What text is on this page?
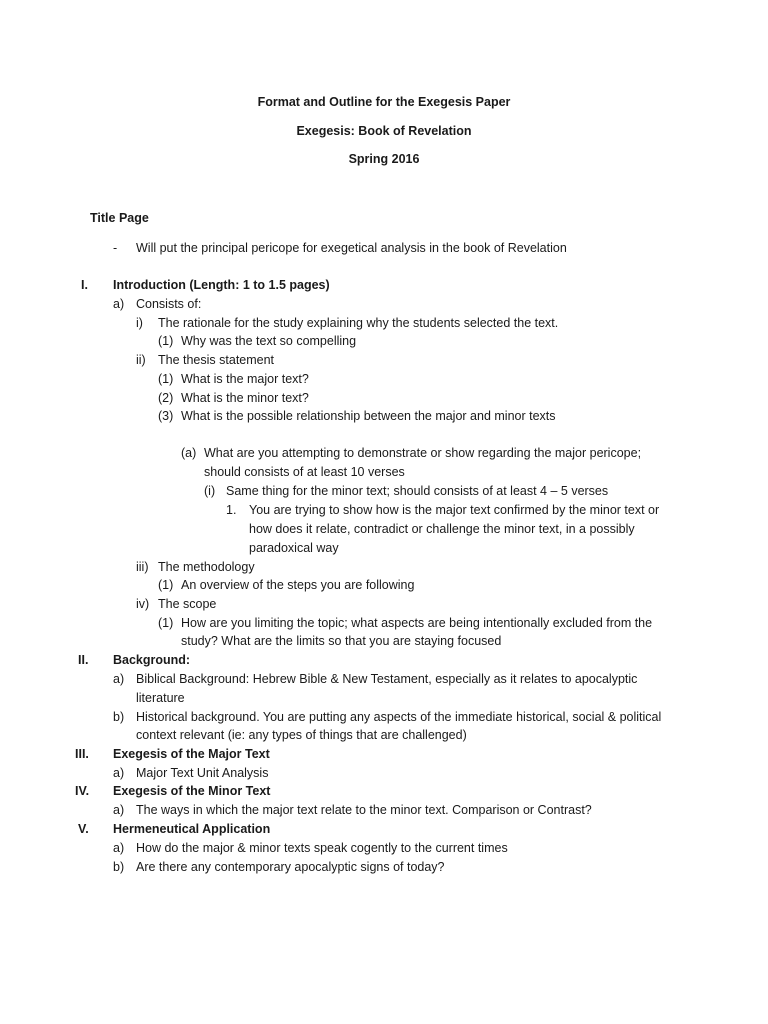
Format and Outline for the Exegesis Paper
Exegesis: Book of Revelation
Spring 2016
Title Page
- Will put the principal pericope for exegetical analysis in the book of Revelation
I. Introduction (Length: 1 to 1.5 pages)
a) Consists of:
i) The rationale for the study explaining why the students selected the text.
(1) Why was the text so compelling
ii) The thesis statement
(1) What is the major text?
(2) What is the minor text?
(3) What is the possible relationship between the major and minor texts
(a) What are you attempting to demonstrate or show regarding the major pericope;
should consists of at least 10 verses
(i) Same thing for the minor text; should consists of at least 4 – 5 verses
1. You are trying to show how is the major text confirmed by the minor text or
how does it relate, contradict or challenge the minor text, in a possibly
paradoxical way
iii) The methodology
(1) An overview of the steps you are following
iv) The scope
(1) How are you limiting the topic; what aspects are being intentionally excluded from the
study? What are the limits so that you are staying focused
II. Background:
a) Biblical Background: Hebrew Bible & New Testament, especially as it relates to apocalyptic
literature
b) Historical background. You are putting any aspects of the immediate historical, social & political
context relevant (ie: any types of things that are challenged)
III. Exegesis of the Major Text
a) Major Text Unit Analysis
IV. Exegesis of the Minor Text
a) The ways in which the major text relate to the minor text. Comparison or Contrast?
V. Hermeneutical Application
a) How do the major & minor texts speak cogently to the current times
b) Are there any contemporary apocalyptic signs of today?
